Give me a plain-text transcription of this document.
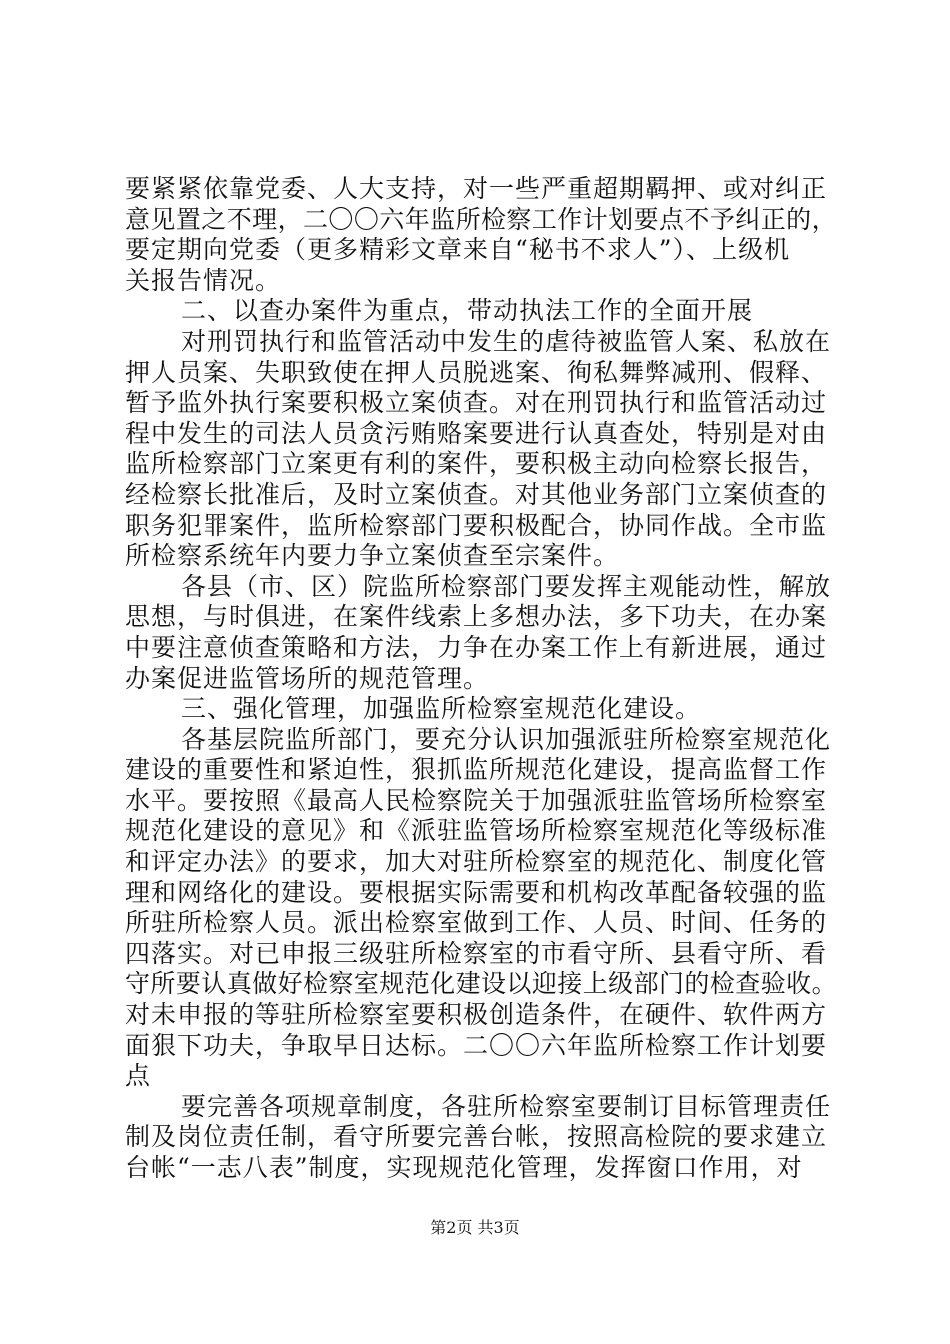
要紧紧依靠党委、人大支持，对一些严重超期羁押、或对纠正
意见置之不理，二〇〇六年监所检察工作计划要点不予纠正的，
要定期向党委（更多精彩文章来自“秘书不求人”）、上级机
关报告情况。
二、以查办案件为重点，带动执法工作的全面开展
对刑罚执行和监管活动中发生的虐待被监管人案、私放在
押人员案、失职致使在押人员脱逃案、徇私舞弊减刑、假释、
暂予监外执行案要积极立案侦查。对在刑罚执行和监管活动过
程中发生的司法人员贪污贿赂案要进行认真查处，特别是对由
监所检察部门立案更有利的案件，要积极主动向检察长报告，
经检察长批准后，及时立案侦查。对其他业务部门立案侦查的
职务犯罪案件，监所检察部门要积极配合，协同作战。全市监
所检察系统年内要力争立案侦查至宗案件。
各县（市、区）院监所检察部门要发挥主观能动性，解放
思想，与时俱进，在案件线索上多想办法，多下功夫，在办案
中要注意侦查策略和方法，力争在办案工作上有新进展，通过
办案促进监管场所的规范管理。
三、强化管理，加强监所检察室规范化建设。
各基层院监所部门，要充分认识加强派驻所检察室规范化
建设的重要性和紧迫性，狠抓监所规范化建设，提高监督工作
水平。要按照《最高人民检察院关于加强派驻监管场所检察室
规范化建设的意见》和《派驻监管场所检察室规范化等级标准
和评定办法》的要求，加大对驻所检察室的规范化、制度化管
理和网络化的建设。要根据实际需要和机构改革配备较强的监
所驻所检察人员。派出检察室做到工作、人员、时间、任务的
四落实。对已申报三级驻所检察室的市看守所、县看守所、看
守所要认真做好检察室规范化建设以迎接上级部门的检查验收。
对未申报的等驻所检察室要积极创造条件，在硬件、软件两方
面狠下功夫，争取早日达标。二〇〇六年监所检察工作计划要
点
要完善各项规章制度，各驻所检察室要制订目标管理责任
制及岗位责任制，看守所要完善台帐，按照高检院的要求建立
台帐“一志八表”制度，实现规范化管理，发挥窗口作用，对
第2页 共3页
